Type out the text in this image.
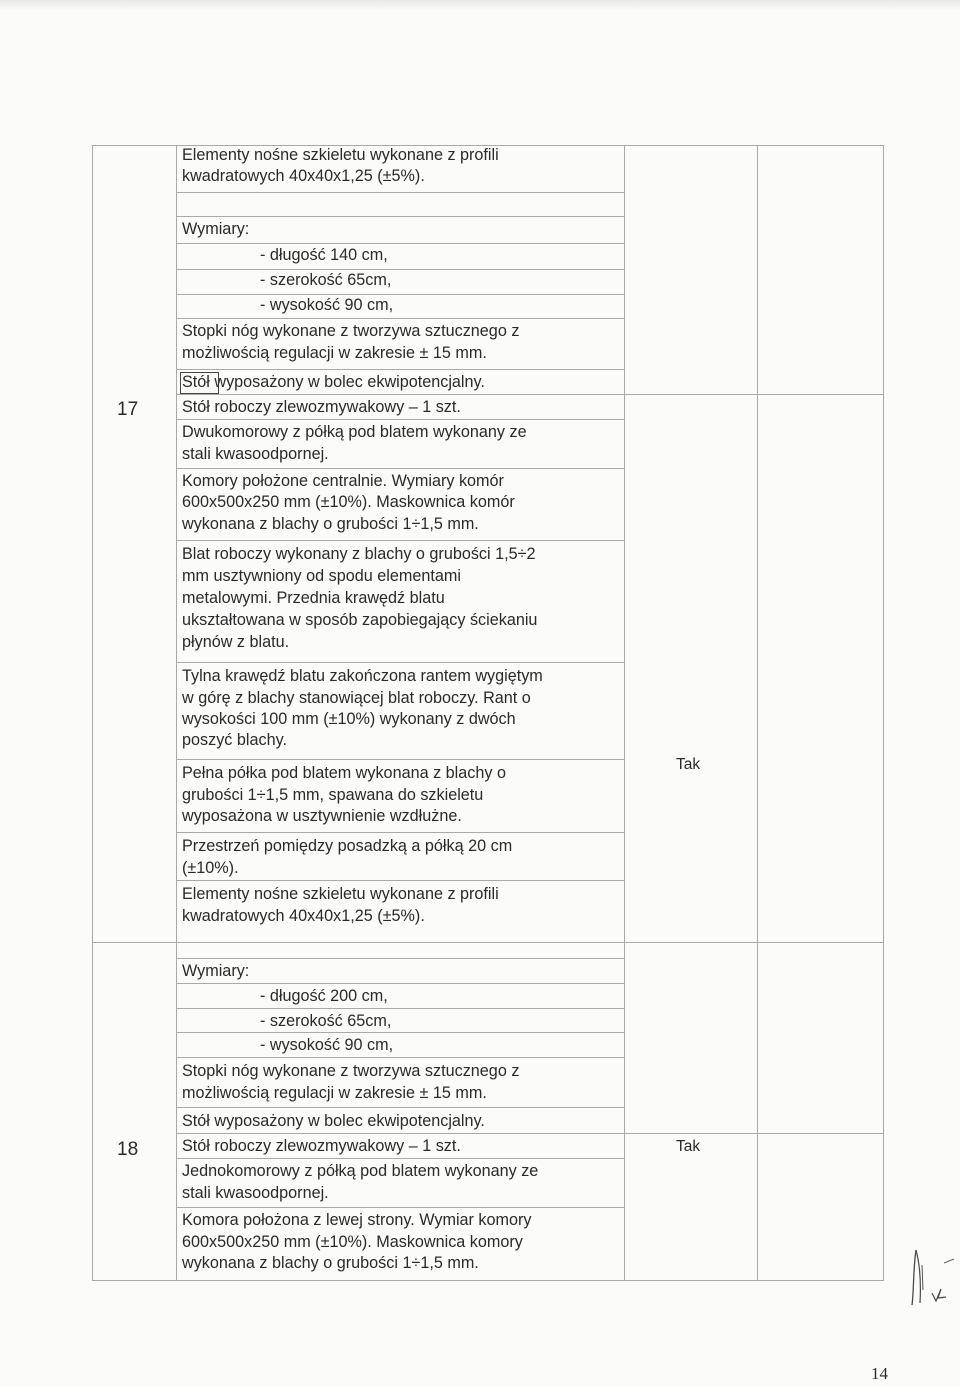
17
Tak
Elementy nośne szkieletu wykonane z profili
kwadratowych 40x40x1,25 (±5%).
Wymiary:
- długość 140 cm,
- szerokość 65cm,
- wysokość 90 cm,
Stopki nóg wykonane z tworzywa sztucznego z
możliwością regulacji w zakresie ± 15 mm.
Stół wyposażony w bolec ekwipotencjalny.
Stół roboczy zlewozmywakowy – 1 szt.
Dwukomorowy z półką pod blatem wykonany ze
stali kwasoodpornej.
Komory położone centralnie. Wymiary komór
600x500x250 mm (±10%). Maskownica komór
wykonana z blachy o grubości 1÷1,5 mm.
Blat roboczy wykonany z blachy o grubości 1,5÷2
mm usztywniony od spodu elementami
metalowymi. Przednia krawędź blatu
ukształtowana w sposób zapobiegający ściekaniu
płynów z blatu.
Tylna krawędź blatu zakończona rantem wygiętym
w górę z blachy stanowiącej blat roboczy. Rant o
wysokości 100 mm (±10%) wykonany z dwóch
poszyć blachy.
Pełna półka pod blatem wykonana z blachy o
grubości 1÷1,5 mm, spawana do szkieletu
wyposażona w usztywnienie wzdłużne.
Przestrzeń pomiędzy posadzką a półką 20 cm
(±10%).
Elementy nośne szkieletu wykonane z profili
kwadratowych 40x40x1,25 (±5%).
18	Tak
Wymiary:
- długość 200 cm,
- szerokość 65cm,
- wysokość 90 cm,
Stopki nóg wykonane z tworzywa sztucznego z
możliwością regulacji w zakresie ± 15 mm.
Stół wyposażony w bolec ekwipotencjalny.
Stół roboczy zlewozmywakowy – 1 szt.
Jednokomorowy z półką pod blatem wykonany ze
stali kwasoodpornej.
Komora położona z lewej strony. Wymiar komory
600x500x250 mm (±10%). Maskownica komory
wykonana z blachy o grubości 1÷1,5 mm.
14
